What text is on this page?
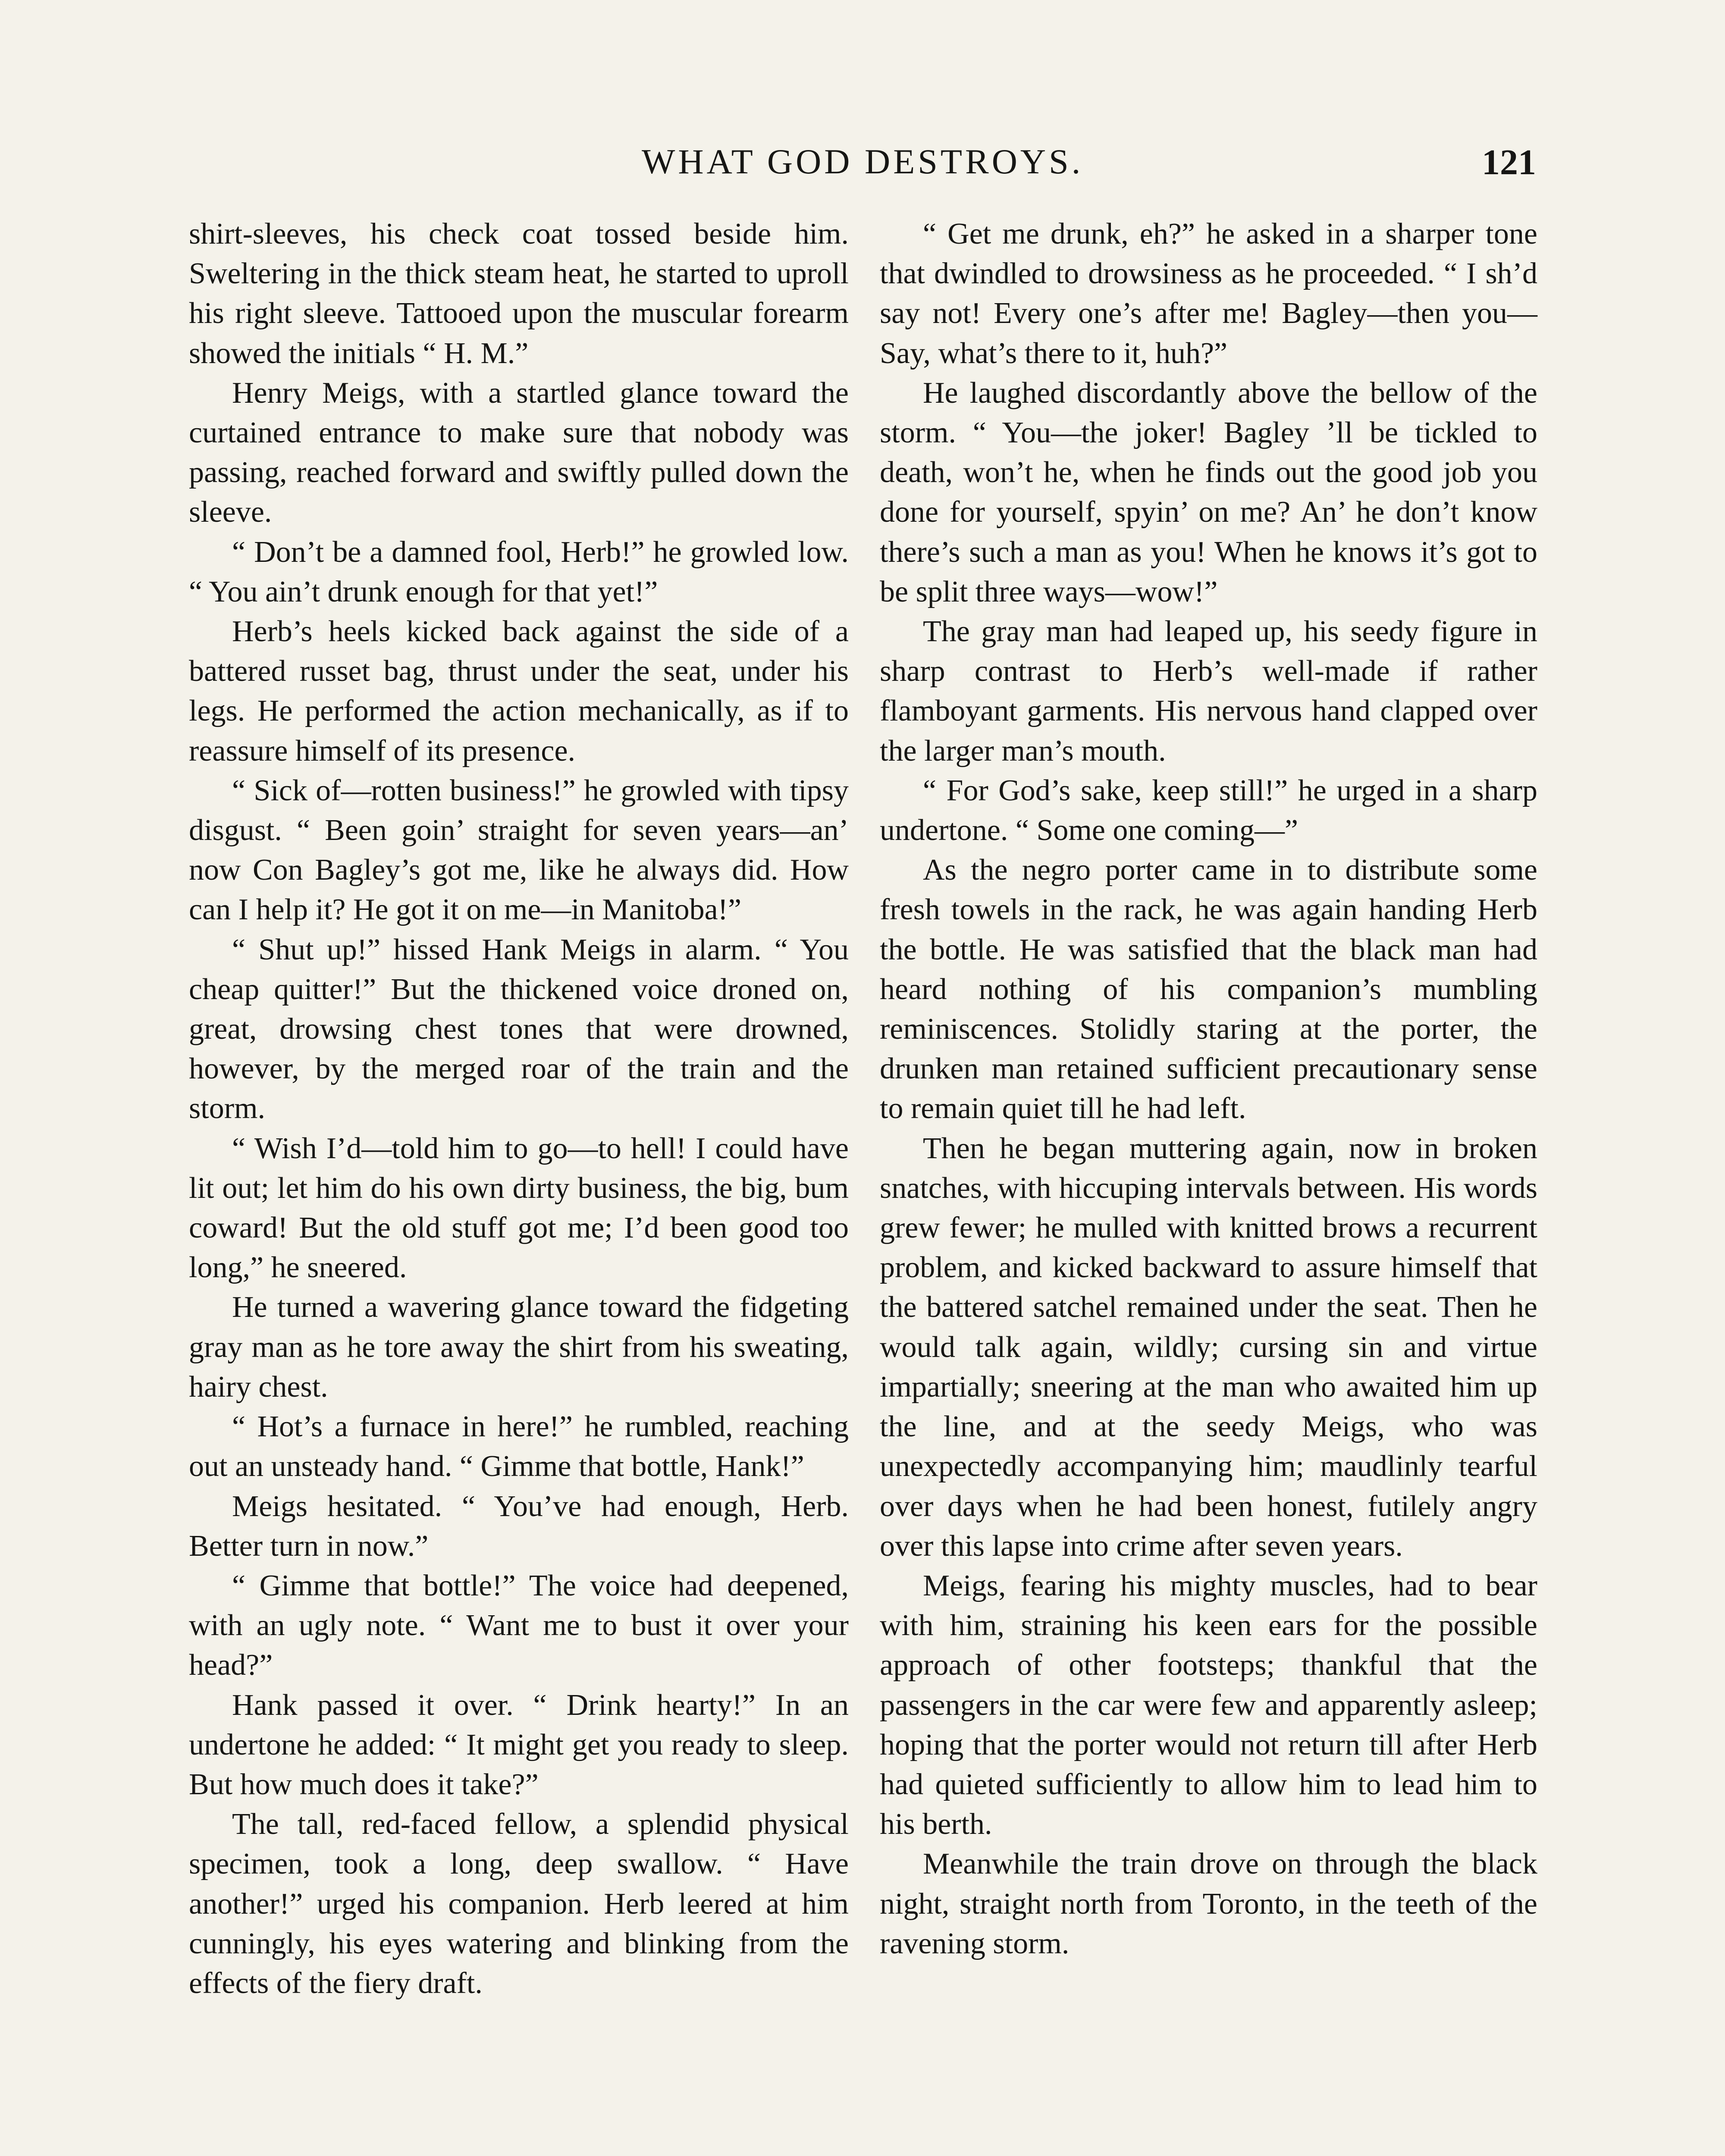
WHAT GOD DESTROYS.	121

shirt-sleeves, his check coat tossed beside him. Sweltering in the thick steam heat, he started to uproll his right sleeve. Tattooed upon the muscular forearm showed the initials “ H. M.”

Henry Meigs, with a startled glance toward the curtained entrance to make sure that nobody was passing, reached forward and swiftly pulled down the sleeve.

“ Don’t be a damned fool, Herb!” he growled low. “ You ain’t drunk enough for that yet!”

Herb’s heels kicked back against the side of a battered russet bag, thrust under the seat, under his legs. He performed the action mechanically, as if to reassure himself of its presence.

“ Sick of—rotten business!” he growled with tipsy disgust. “ Been goin’ straight for seven years—an’ now Con Bagley’s got me, like he always did. How can I help it? He got it on me—in Manitoba!”

“ Shut up!” hissed Hank Meigs in alarm. “ You cheap quitter!” But the thickened voice droned on, great, drowsing chest tones that were drowned, however, by the merged roar of the train and the storm.

“ Wish I’d—told him to go—to hell! I could have lit out; let him do his own dirty business, the big, bum coward! But the old stuff got me; I’d been good too long,” he sneered.

He turned a wavering glance toward the fidgeting gray man as he tore away the shirt from his sweating, hairy chest.

“ Hot’s a furnace in here!” he rumbled, reaching out an unsteady hand. “ Gimme that bottle, Hank!”

Meigs hesitated. “ You’ve had enough, Herb. Better turn in now.”

“ Gimme that bottle!” The voice had deepened, with an ugly note. “ Want me to bust it over your head?”

Hank passed it over. “ Drink hearty!” In an undertone he added: “ It might get you ready to sleep. But how much does it take?”

The tall, red-faced fellow, a splendid physical specimen, took a long, deep swallow. “ Have another!” urged his companion. Herb leered at him cunningly, his eyes watering and blinking from the effects of the fiery draft.

“ Get me drunk, eh?” he asked in a sharper tone that dwindled to drowsiness as he proceeded. “ I sh’d say not! Every one’s after me! Bagley—then you— Say, what’s there to it, huh?”

He laughed discordantly above the bellow of the storm. “ You—the joker! Bagley ’ll be tickled to death, won’t he, when he finds out the good job you done for yourself, spyin’ on me? An’ he don’t know there’s such a man as you! When he knows it’s got to be split three ways—wow!”

The gray man had leaped up, his seedy figure in sharp contrast to Herb’s well-made if rather flamboyant garments. His nervous hand clapped over the larger man’s mouth.

“ For God’s sake, keep still!” he urged in a sharp undertone. “ Some one coming—”

As the negro porter came in to distribute some fresh towels in the rack, he was again handing Herb the bottle. He was satisfied that the black man had heard nothing of his companion’s mumbling reminiscences. Stolidly staring at the porter, the drunken man retained sufficient precautionary sense to remain quiet till he had left.

Then he began muttering again, now in broken snatches, with hiccuping intervals between. His words grew fewer; he mulled with knitted brows a recurrent problem, and kicked backward to assure himself that the battered satchel remained under the seat. Then he would talk again, wildly; cursing sin and virtue impartially; sneering at the man who awaited him up the line, and at the seedy Meigs, who was unexpectedly accompanying him; maudlinly tearful over days when he had been honest, futilely angry over this lapse into crime after seven years.

Meigs, fearing his mighty muscles, had to bear with him, straining his keen ears for the possible approach of other footsteps; thankful that the passengers in the car were few and apparently asleep; hoping that the porter would not return till after Herb had quieted sufficiently to allow him to lead him to his berth.

Meanwhile the train drove on through the black night, straight north from Toronto, in the teeth of the ravening storm.
